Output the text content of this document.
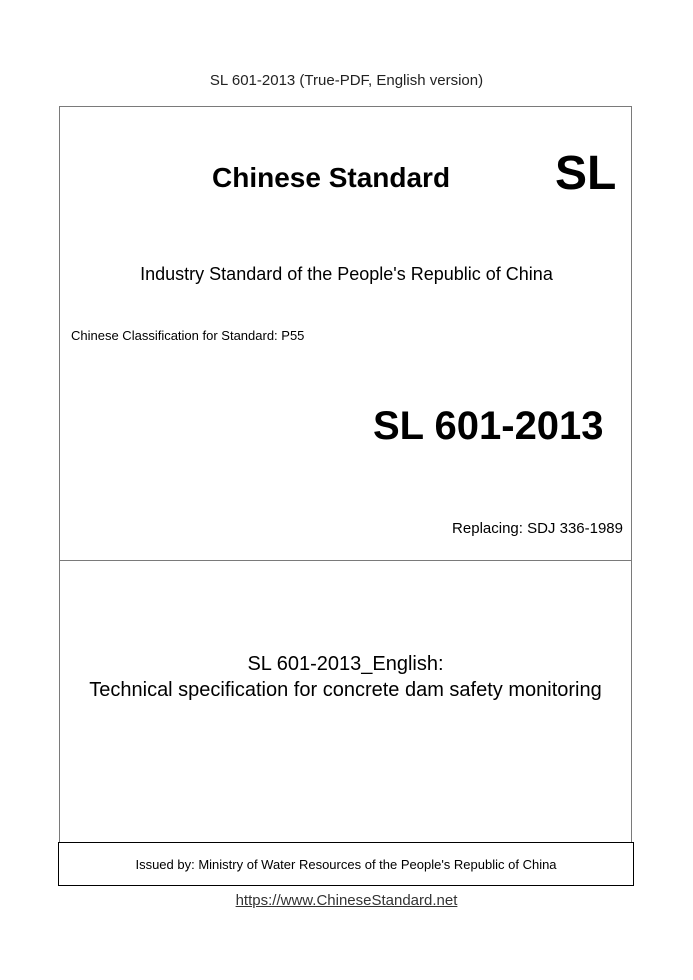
SL 601-2013 (True-PDF, English version)
Chinese Standard SL
Industry Standard of the People's Republic of China
Chinese Classification for Standard: P55
SL 601-2013
Replacing: SDJ 336-1989
SL 601-2013_English:
Technical specification for concrete dam safety monitoring
Issued by: Ministry of Water Resources of the People's Republic of China
https://www.ChineseStandard.net
